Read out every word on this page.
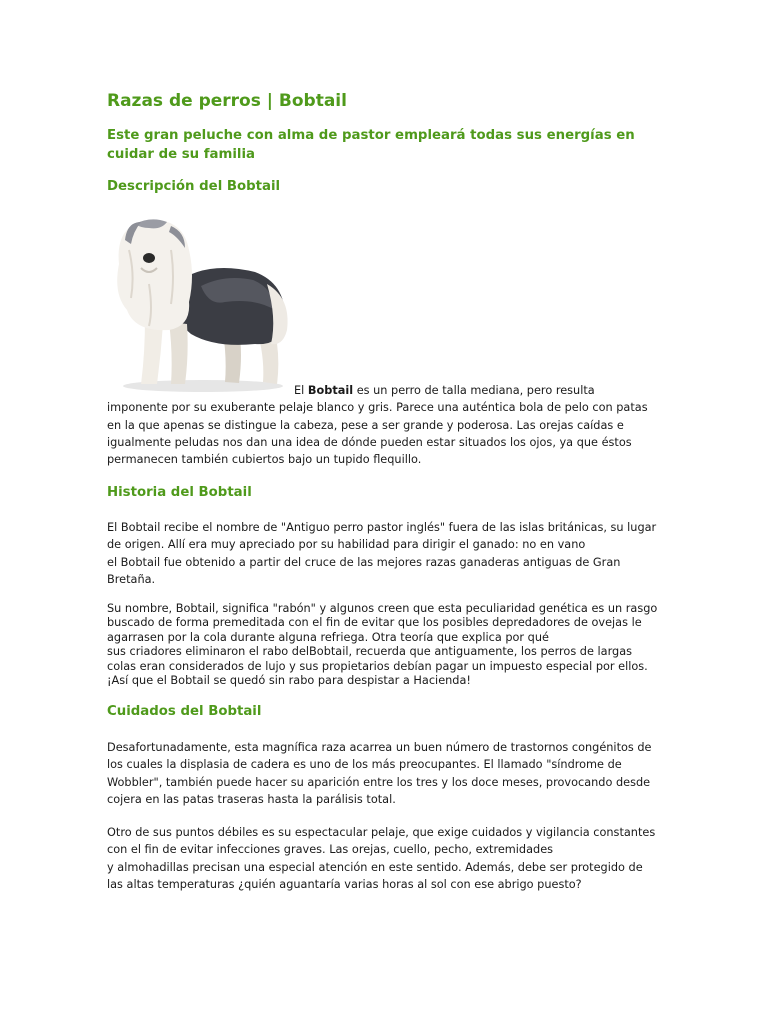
Razas de perros | Bobtail

Este gran peluche con alma de pastor empleará todas sus energías en
cuidar de su familia

Descripción del Bobtail

El Bobtail es un perro de talla mediana, pero resulta
imponente por su exuberante pelaje blanco y gris. Parece una auténtica bola de pelo con patas
en la que apenas se distingue la cabeza, pese a ser grande y poderosa. Las orejas caídas e
igualmente peludas nos dan una idea de dónde pueden estar situados los ojos, ya que éstos
permanecen también cubiertos bajo un tupido flequillo.

Historia del Bobtail

El Bobtail recibe el nombre de "Antiguo perro pastor inglés" fuera de las islas británicas, su lugar
de origen. Allí era muy apreciado por su habilidad para dirigir el ganado: no en vano
el Bobtail fue obtenido a partir del cruce de las mejores razas ganaderas antiguas de Gran
Bretaña.

Su nombre, Bobtail, significa "rabón" y algunos creen que esta peculiaridad genética es un rasgo
buscado de forma premeditada con el fin de evitar que los posibles depredadores de ovejas le
agarrasen por la cola durante alguna refriega. Otra teoría que explica por qué
sus criadores eliminaron el rabo delBobtail, recuerda que antiguamente, los perros de largas
colas eran considerados de lujo y sus propietarios debían pagar un impuesto especial por ellos.
¡Así que el Bobtail se quedó sin rabo para despistar a Hacienda!

Cuidados del Bobtail

Desafortunadamente, esta magnífica raza acarrea un buen número de trastornos congénitos de
los cuales la displasia de cadera es uno de los más preocupantes. El llamado "síndrome de
Wobbler", también puede hacer su aparición entre los tres y los doce meses, provocando desde
cojera en las patas traseras hasta la parálisis total.

Otro de sus puntos débiles es su espectacular pelaje, que exige cuidados y vigilancia constantes
con el fin de evitar infecciones graves. Las orejas, cuello, pecho, extremidades
y almohadillas precisan una especial atención en este sentido. Además, debe ser protegido de
las altas temperaturas ¿quién aguantaría varias horas al sol con ese abrigo puesto?
